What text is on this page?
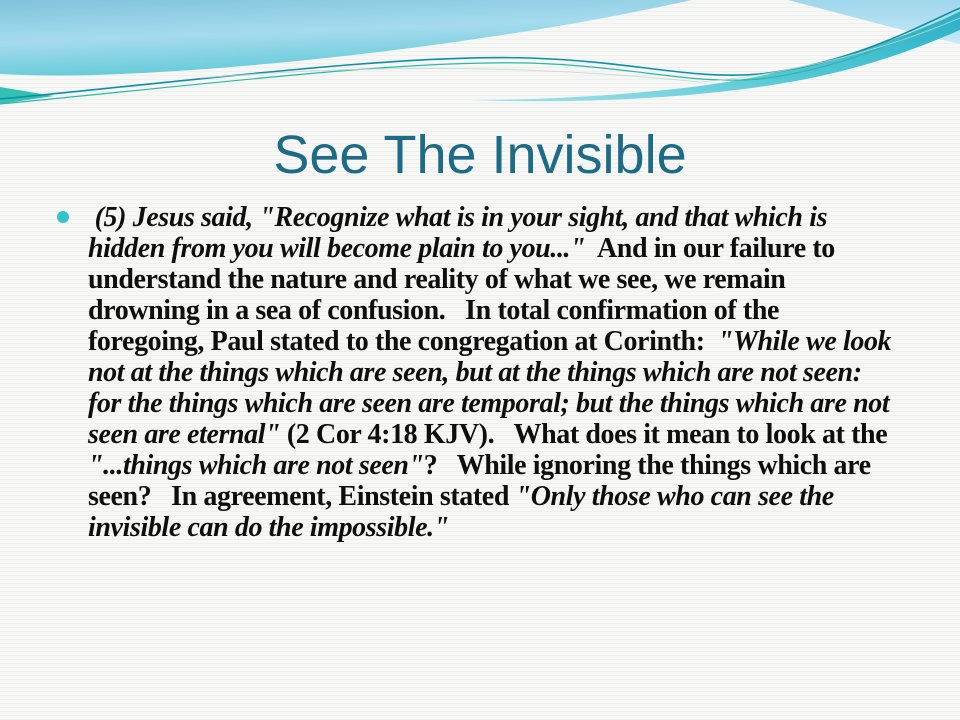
See The Invisible

(5) Jesus said, "Recognize what is in your sight, and that which is hidden from you will become plain to you..."  And in our failure to understand the nature and reality of what we see, we remain drowning in a sea of confusion.   In total confirmation of the foregoing, Paul stated to the congregation at Corinth:  "While we look not at the things which are seen, but at the things which are not seen: for the things which are seen are temporal; but the things which are not seen are eternal" (2 Cor 4:18 KJV).   What does it mean to look at the "...things which are not seen"?   While ignoring the things which are seen?   In agreement, Einstein stated "Only those who can see the invisible can do the impossible."
